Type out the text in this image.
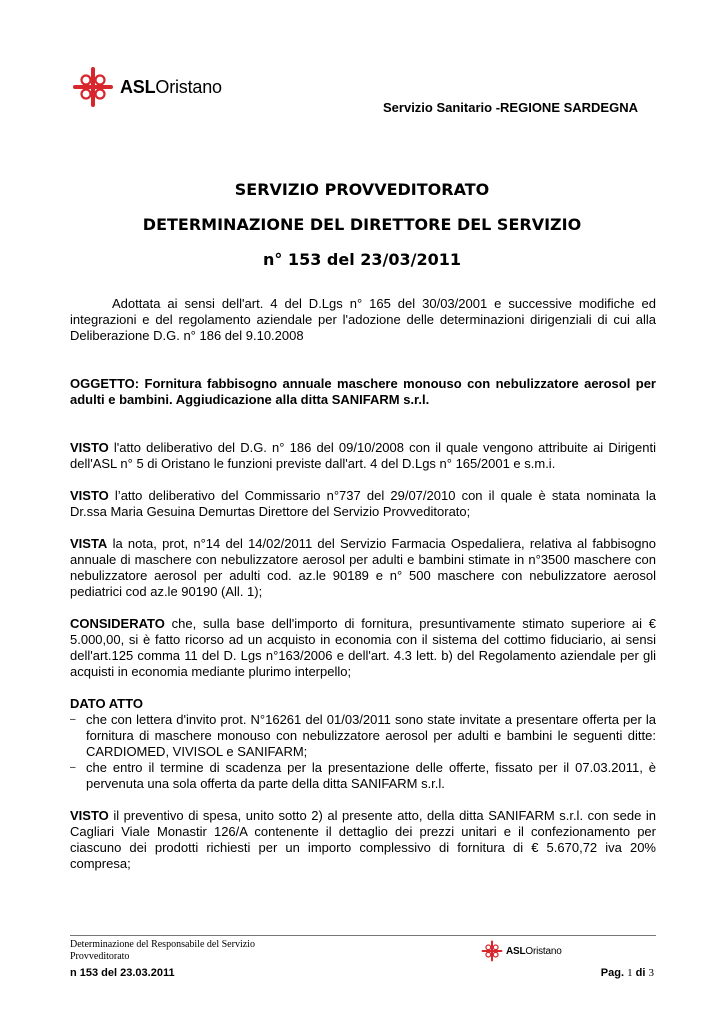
ASLOristano
Servizio Sanitario -REGIONE SARDEGNA
SERVIZIO PROVVEDITORATO
DETERMINAZIONE DEL DIRETTORE DEL SERVIZIO
n° 153 del 23/03/2011

Adottata ai sensi dell'art. 4 del D.Lgs n° 165 del 30/03/2001 e successive modifiche ed integrazioni e del regolamento aziendale per l'adozione delle determinazioni dirigenziali di cui alla Deliberazione D.G. n° 186 del 9.10.2008

OGGETTO: Fornitura fabbisogno annuale maschere monouso con nebulizzatore aerosol per adulti e bambini. Aggiudicazione alla ditta SANIFARM s.r.l.

VISTO l'atto deliberativo del D.G. n° 186 del 09/10/2008 con il quale vengono attribuite ai Dirigenti dell'ASL n° 5 di Oristano le funzioni previste dall'art. 4 del D.Lgs n° 165/2001 e s.m.i.

VISTO l’atto deliberativo del Commissario n°737 del 29/07/2010 con il quale è stata nominata la Dr.ssa Maria Gesuina Demurtas Direttore del Servizio Provveditorato;

VISTA la nota, prot, n°14 del 14/02/2011 del Servizio Farmacia Ospedaliera, relativa al fabbisogno annuale di maschere con nebulizzatore aerosol per adulti e bambini stimate in n°3500 maschere con nebulizzatore aerosol per adulti cod. az.le 90189 e n° 500 maschere con nebulizzatore aerosol pediatrici cod az.le 90190 (All. 1);

CONSIDERATO che, sulla base dell'importo di fornitura, presuntivamente stimato superiore ai € 5.000,00, si è fatto ricorso ad un acquisto in economia con il sistema del cottimo fiduciario, ai sensi dell'art.125 comma 11 del D. Lgs n°163/2006 e dell'art. 4.3 lett. b) del Regolamento aziendale per gli acquisti in economia mediante plurimo interpello;

DATO ATTO

– che con lettera d'invito prot. N°16261 del 01/03/2011 sono state invitate a presentare offerta per la fornitura di maschere monouso con nebulizzatore aerosol per adulti e bambini le seguenti ditte: CARDIOMED, VIVISOL e SANIFARM;
– che entro il termine di scadenza per la presentazione delle offerte, fissato per il 07.03.2011, è pervenuta una sola offerta da parte della ditta SANIFARM s.r.l.

VISTO il preventivo di spesa, unito sotto 2) al presente atto, della ditta SANIFARM s.r.l. con sede in Cagliari Viale Monastir 126/A contenente il dettaglio dei prezzi unitari e il confezionamento per ciascuno dei prodotti richiesti per un importo complessivo di fornitura di € 5.670,72 iva 20% compresa;

Determinazione del Responsabile del Servizio
Provveditorato
n 153 del 23.03.2011
ASLOristano
Pag. 1 di 3
